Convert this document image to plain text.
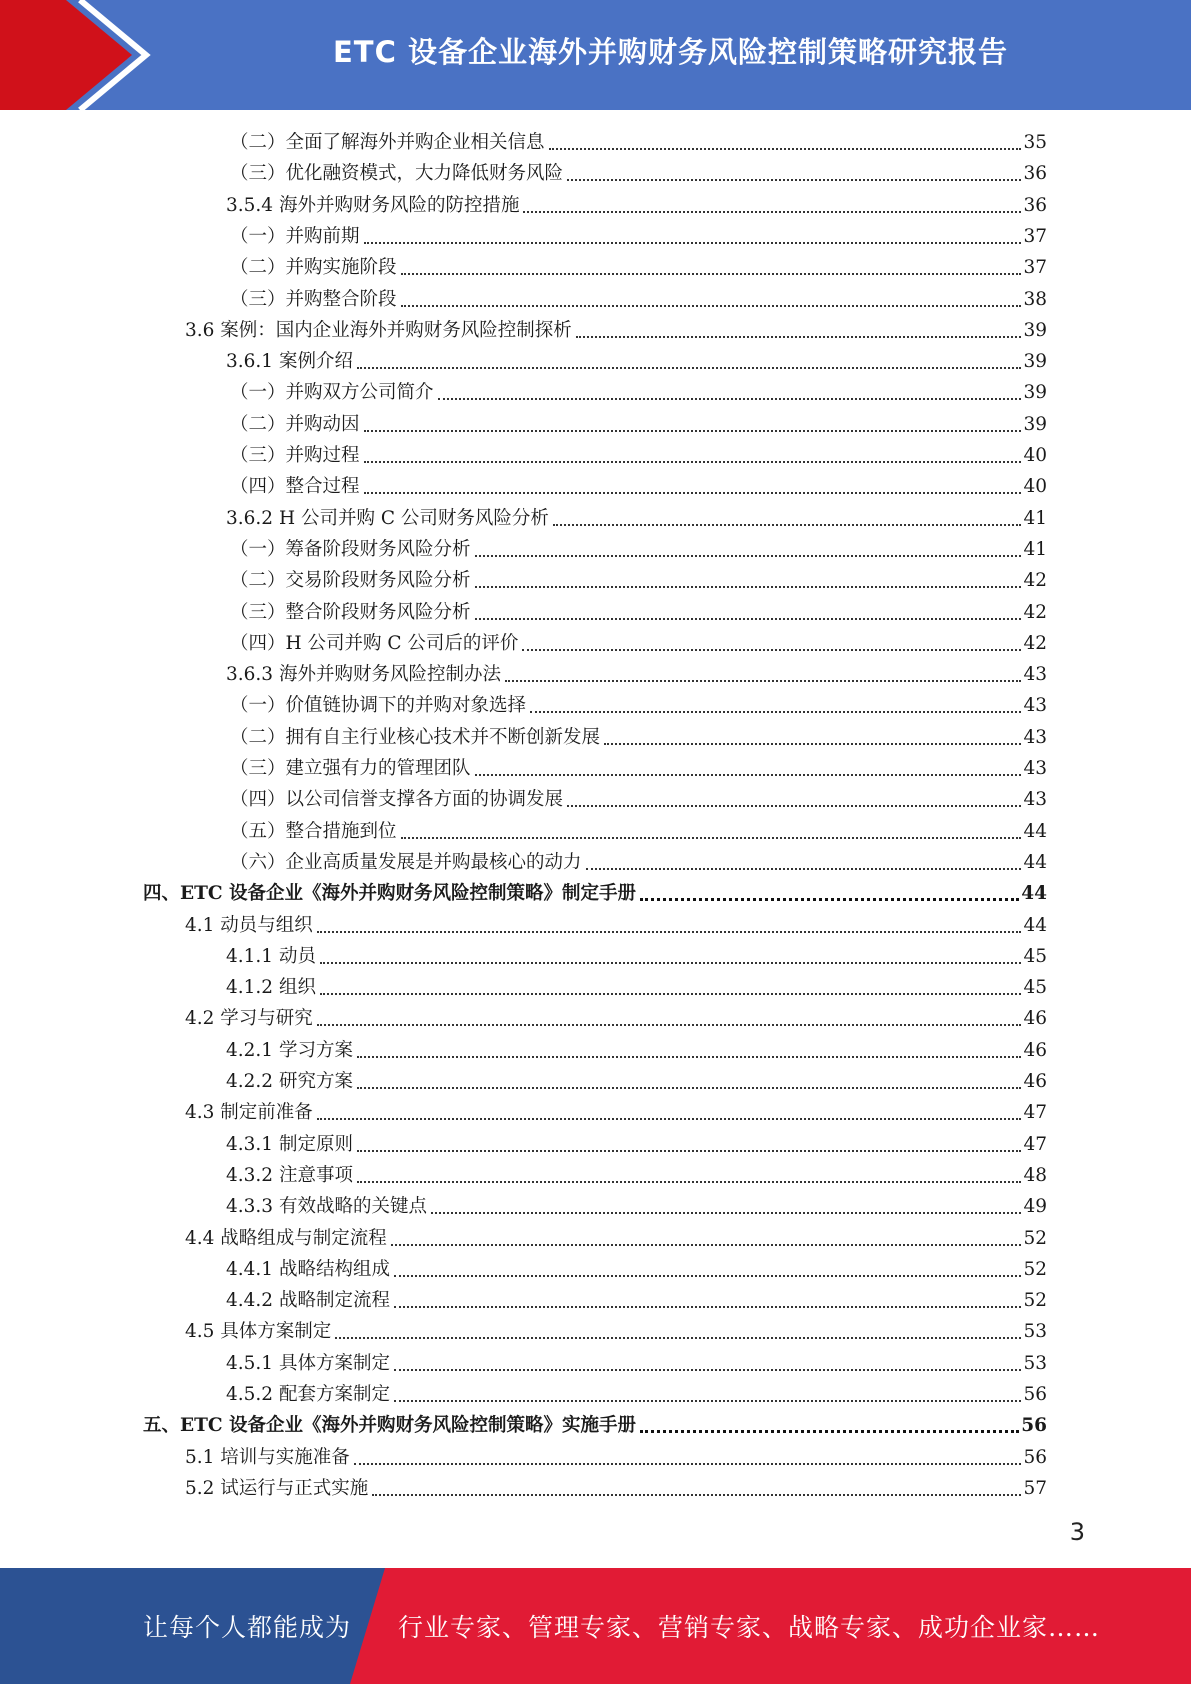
ETC 设备企业海外并购财务风险控制策略研究报告
（二）全面了解海外并购企业相关信息	35
（三）优化融资模式，大力降低财务风险	36
3.5.4 海外并购财务风险的防控措施	36
（一）并购前期	37
（二）并购实施阶段	37
（三）并购整合阶段	38
3.6 案例：国内企业海外并购财务风险控制探析	39
3.6.1 案例介绍	39
（一）并购双方公司简介	39
（二）并购动因	39
（三）并购过程	40
（四）整合过程	40
3.6.2 H 公司并购 C 公司财务风险分析	41
（一）筹备阶段财务风险分析	41
（二）交易阶段财务风险分析	42
（三）整合阶段财务风险分析	42
（四）H 公司并购 C 公司后的评价	42
3.6.3 海外并购财务风险控制办法	43
（一）价值链协调下的并购对象选择	43
（二）拥有自主行业核心技术并不断创新发展	43
（三）建立强有力的管理团队	43
（四）以公司信誉支撑各方面的协调发展	43
（五）整合措施到位	44
（六）企业高质量发展是并购最核心的动力	44
四、ETC 设备企业《海外并购财务风险控制策略》制定手册	44
4.1 动员与组织	44
4.1.1 动员	45
4.1.2 组织	45
4.2 学习与研究	46
4.2.1 学习方案	46
4.2.2 研究方案	46
4.3 制定前准备	47
4.3.1 制定原则	47
4.3.2 注意事项	48
4.3.3 有效战略的关键点	49
4.4 战略组成与制定流程	52
4.4.1 战略结构组成	52
4.4.2 战略制定流程	52
4.5 具体方案制定	53
4.5.1 具体方案制定	53
4.5.2 配套方案制定	56
五、ETC 设备企业《海外并购财务风险控制策略》实施手册	56
5.1 培训与实施准备	56
5.2 试运行与正式实施	57
3
让每个人都能成为 行业专家、管理专家、营销专家、战略专家、成功企业家……
